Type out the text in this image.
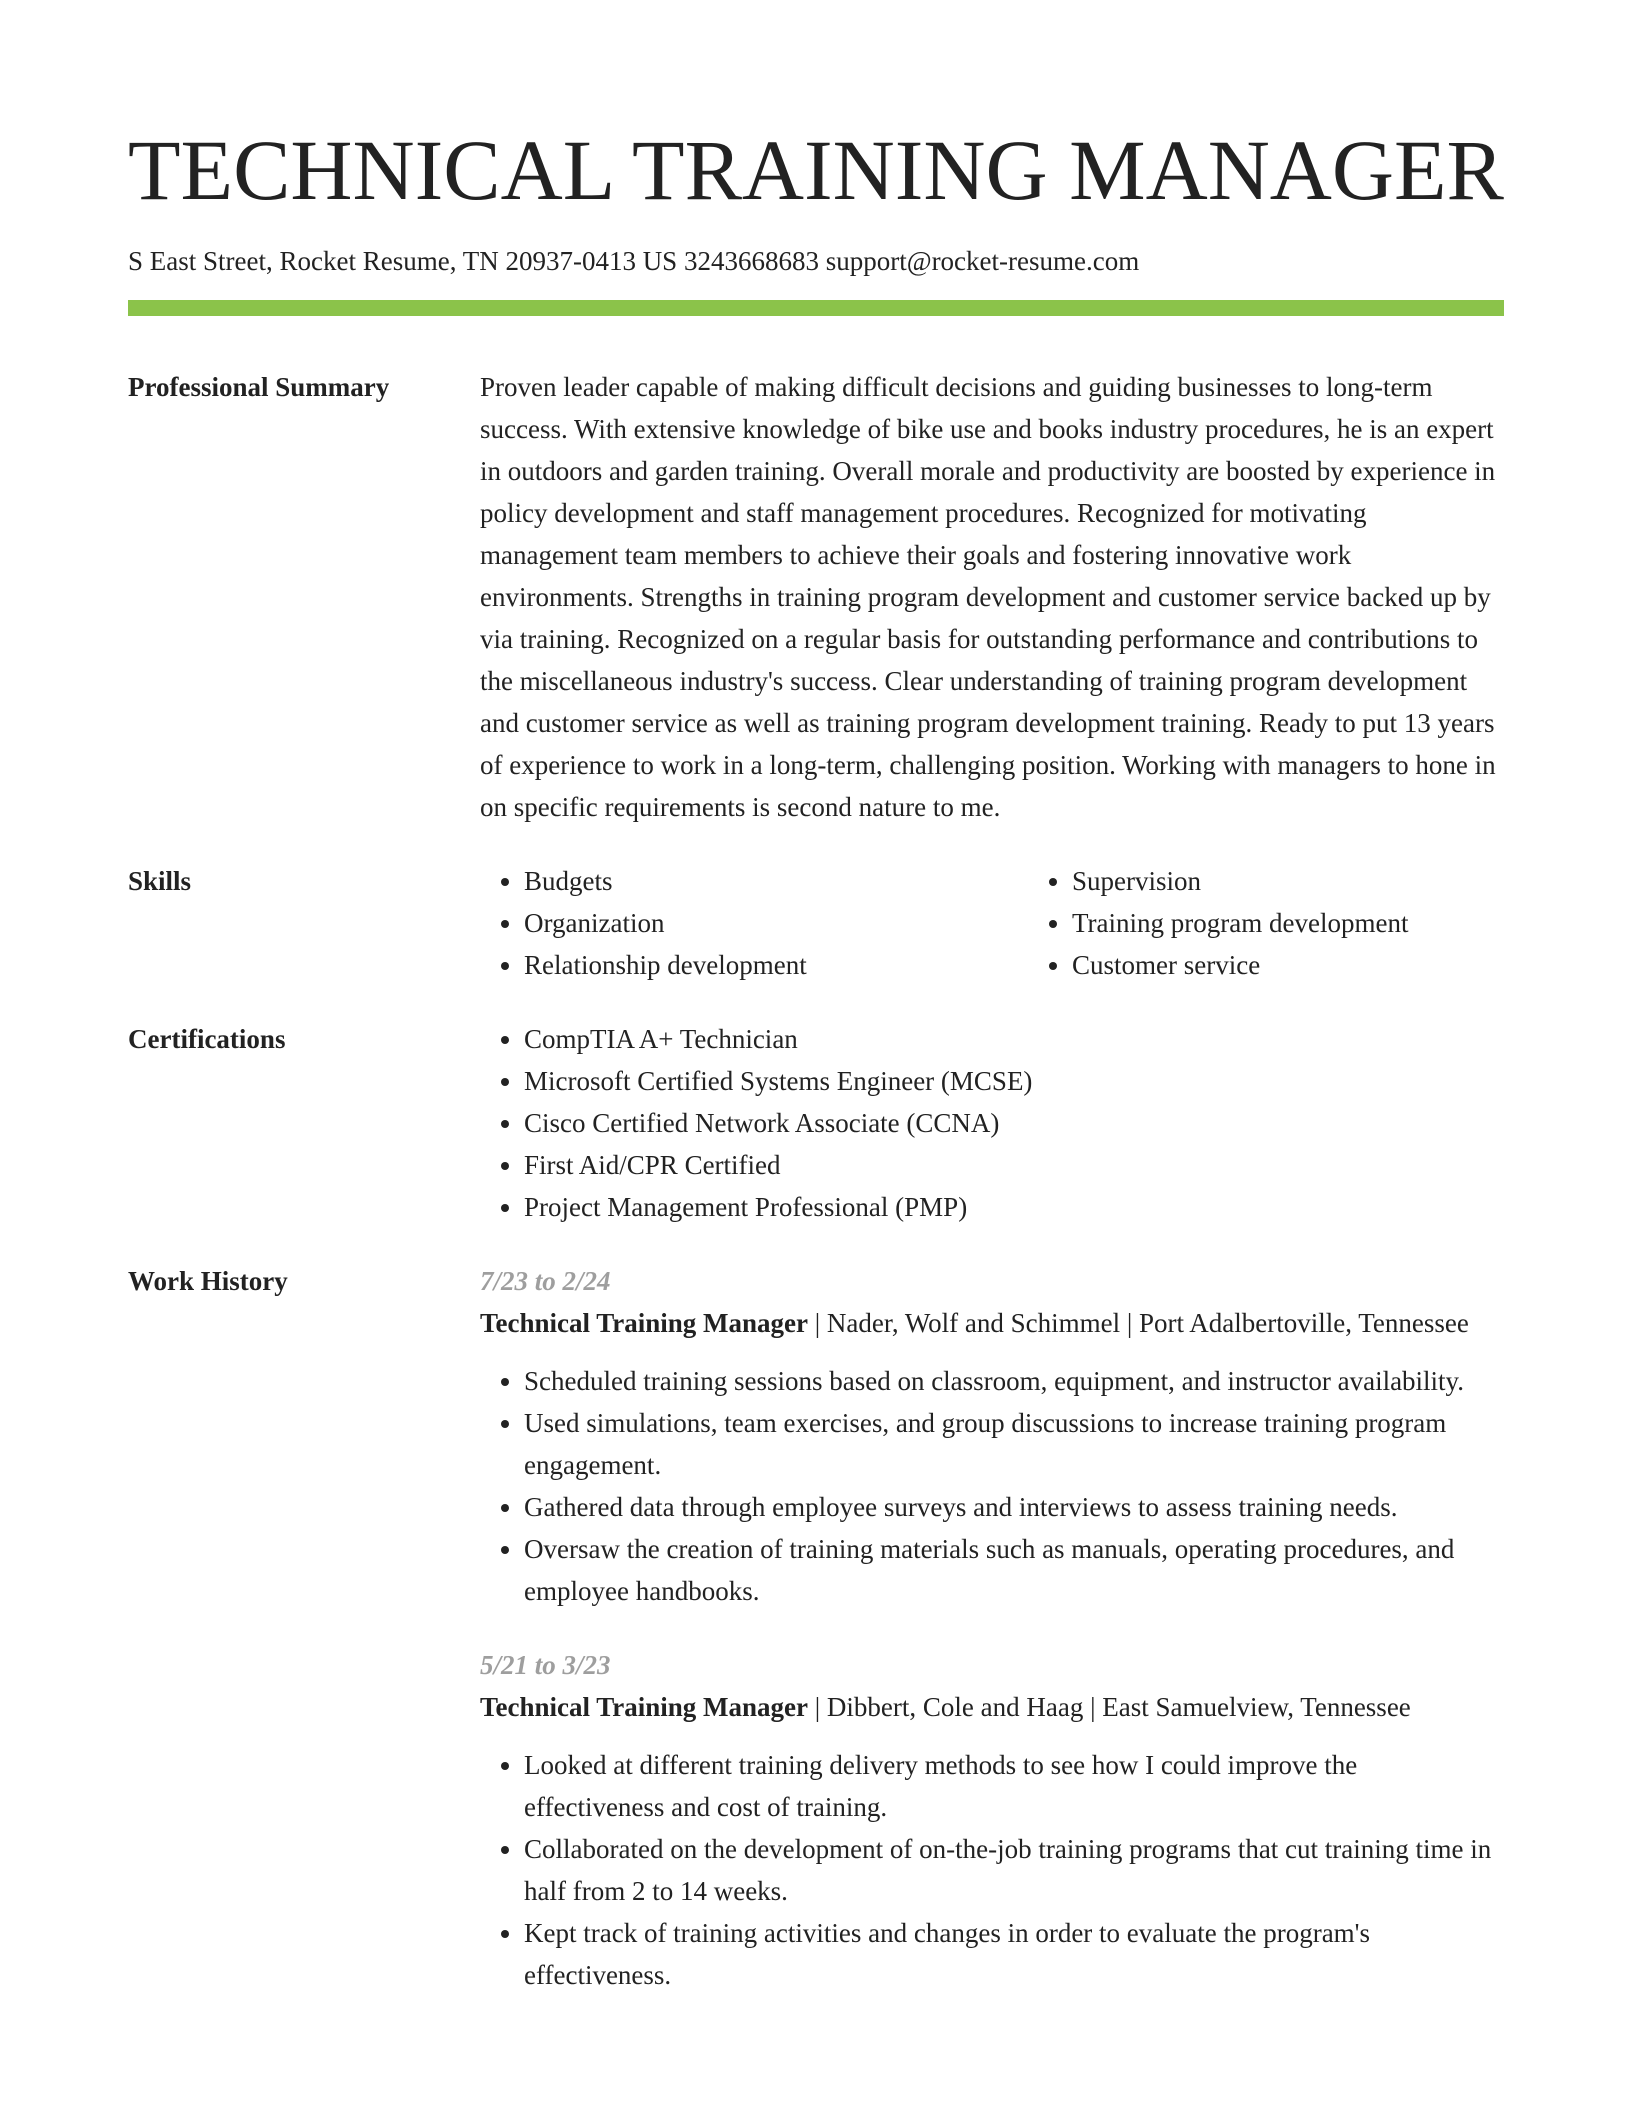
TECHNICAL TRAINING MANAGER
S East Street, Rocket Resume, TN 20937-0413 US 3243668683 support@rocket-resume.com
Professional Summary	Proven leader capable of making difficult decisions and guiding businesses to long-term success. With extensive knowledge of bike use and books industry procedures, he is an expert in outdoors and garden training. Overall morale and productivity are boosted by experience in policy development and staff management procedures. Recognized for motivating management team members to achieve their goals and fostering innovative work environments. Strengths in training program development and customer service backed up by via training. Recognized on a regular basis for outstanding performance and contributions to the miscellaneous industry's success. Clear understanding of training program development and customer service as well as training program development training. Ready to put 13 years of experience to work in a long-term, challenging position. Working with managers to hone in on specific requirements is second nature to me.
Skills	• Budgets
• Organization
• Relationship development
• Supervision
• Training program development
• Customer service
Certifications	• CompTIA A+ Technician
• Microsoft Certified Systems Engineer (MCSE)
• Cisco Certified Network Associate (CCNA)
• First Aid/CPR Certified
• Project Management Professional (PMP)
Work History	7/23 to 2/24
Technical Training Manager | Nader, Wolf and Schimmel | Port Adalbertoville, Tennessee
• Scheduled training sessions based on classroom, equipment, and instructor availability.
• Used simulations, team exercises, and group discussions to increase training program engagement.
• Gathered data through employee surveys and interviews to assess training needs.
• Oversaw the creation of training materials such as manuals, operating procedures, and employee handbooks.
5/21 to 3/23
Technical Training Manager | Dibbert, Cole and Haag | East Samuelview, Tennessee
• Looked at different training delivery methods to see how I could improve the effectiveness and cost of training.
• Collaborated on the development of on-the-job training programs that cut training time in half from 2 to 14 weeks.
• Kept track of training activities and changes in order to evaluate the program's effectiveness.
